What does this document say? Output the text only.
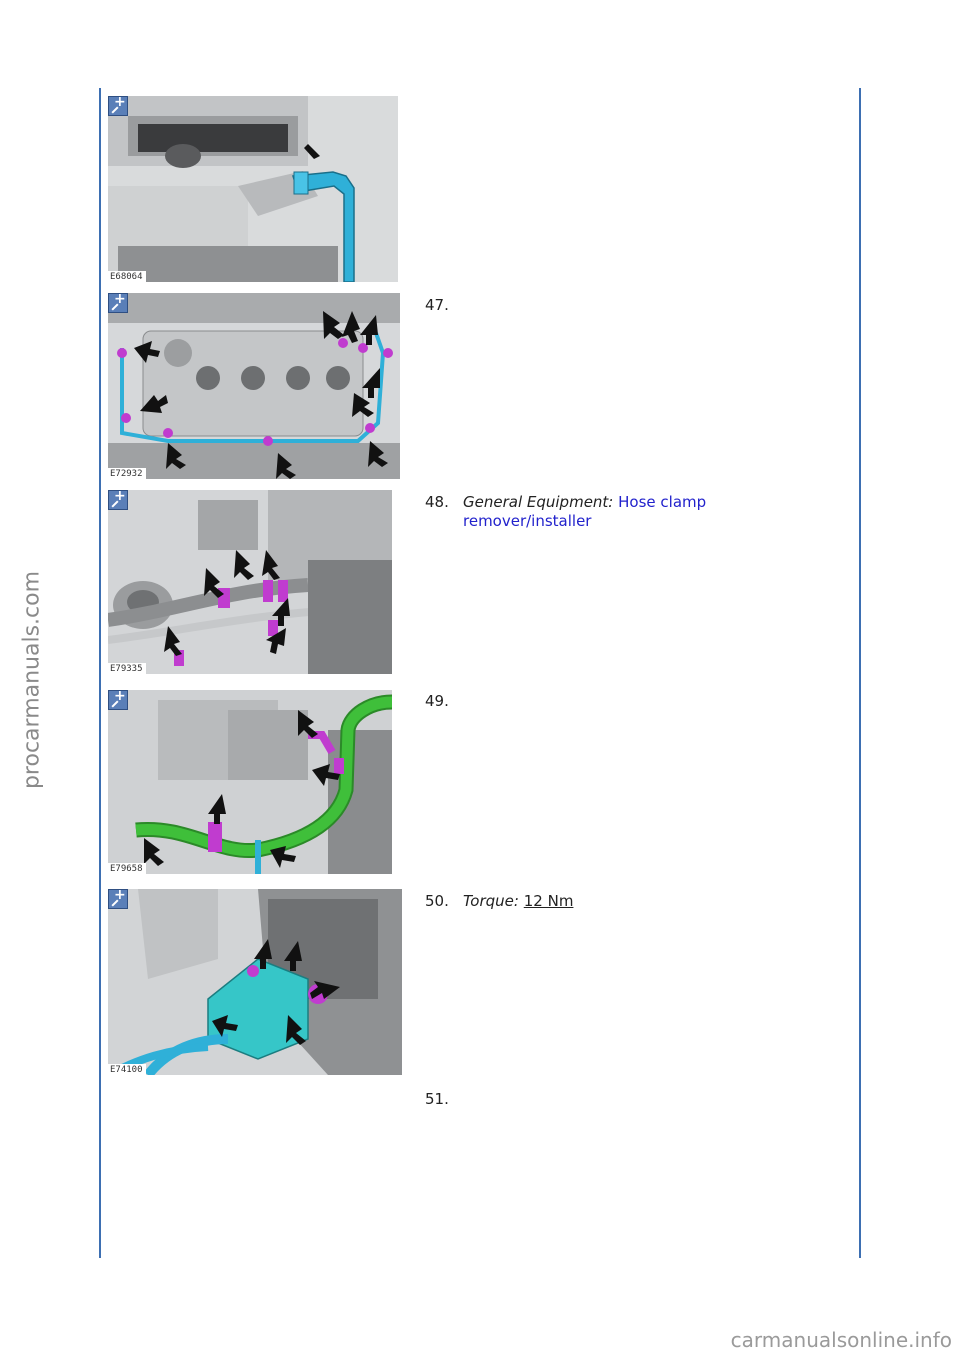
procarmanuals.com
carmanualsonline.info
+
E68064
+
E72932
+
E79335
+
E79658
+
E74100
47.
48. General Equipment: Hose clamp remover/installer
49.
50. Torque: 12 Nm
51.
